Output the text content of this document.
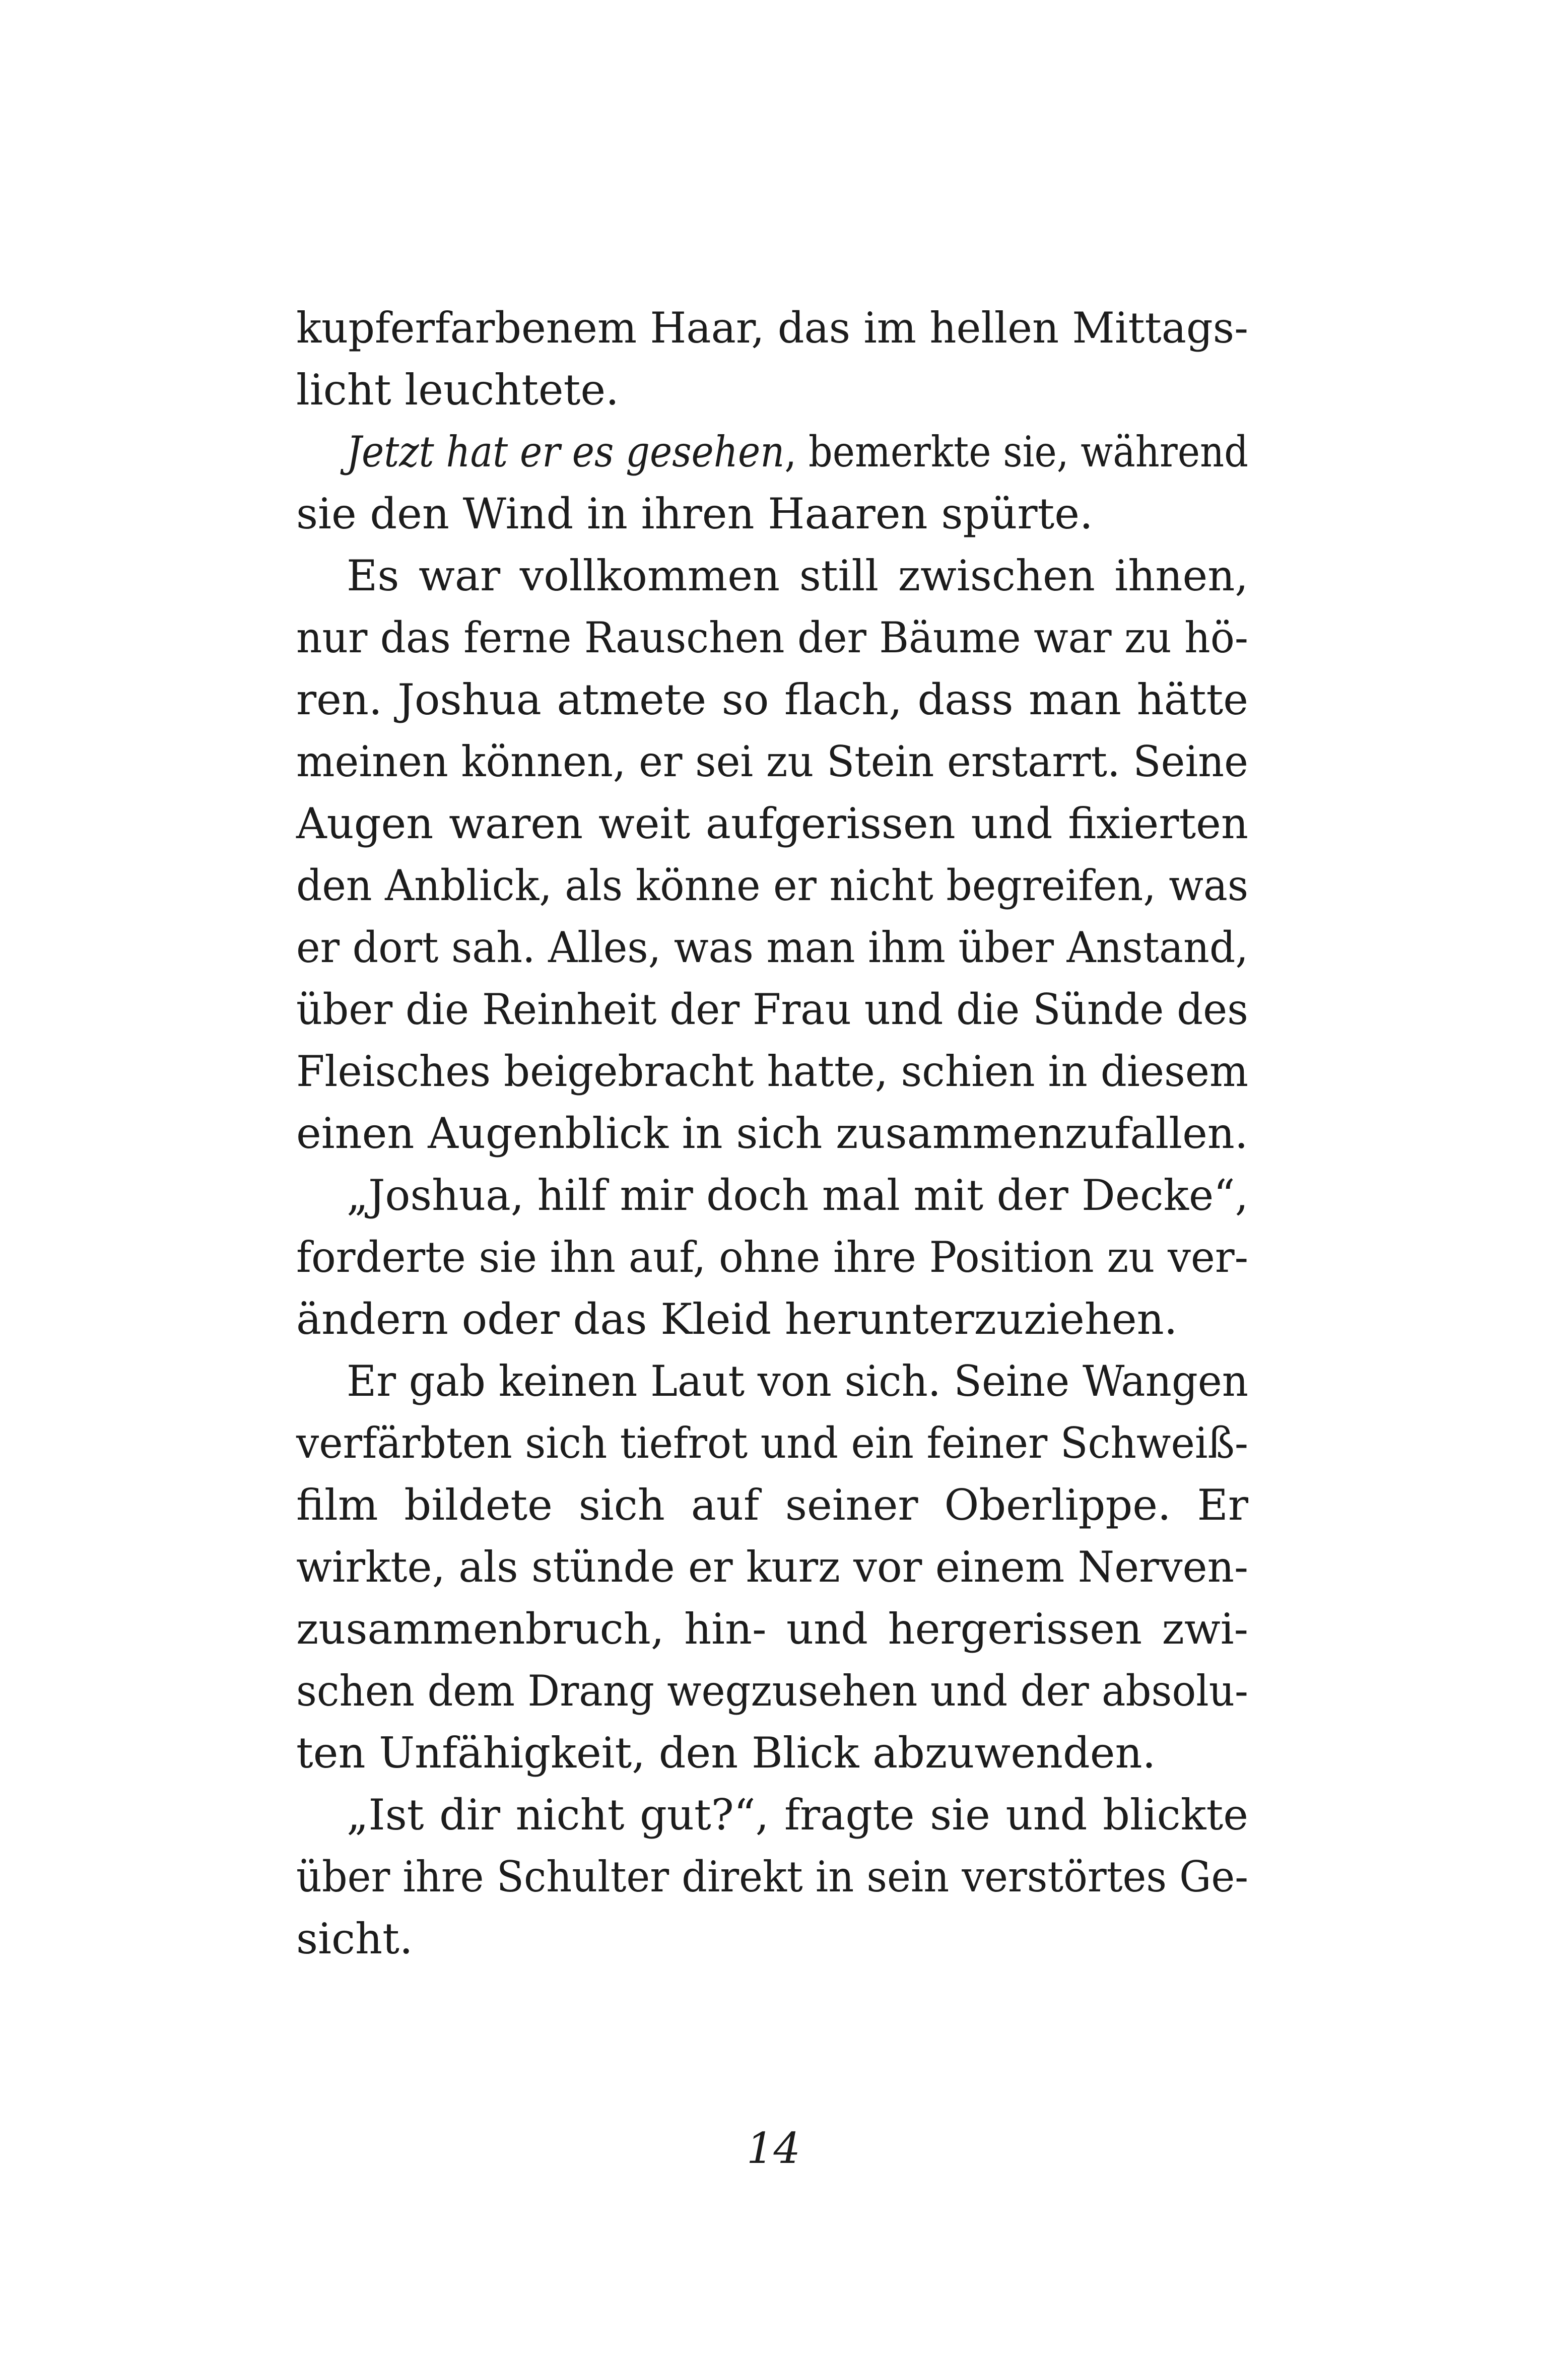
kupferfarbenem Haar, das im hellen Mittags-
licht leuchtete.
Jetzt hat er es gesehen, bemerkte sie, während
sie den Wind in ihren Haaren spürte.
Es war vollkommen still zwischen ihnen,
nur das ferne Rauschen der Bäume war zu hö-
ren. Joshua atmete so flach, dass man hätte
meinen können, er sei zu Stein erstarrt. Seine
Augen waren weit aufgerissen und fixierten
den Anblick, als könne er nicht begreifen, was
er dort sah. Alles, was man ihm über Anstand,
über die Reinheit der Frau und die Sünde des
Fleisches beigebracht hatte, schien in diesem
einen Augenblick in sich zusammenzufallen.
„Joshua, hilf mir doch mal mit der Decke“,
forderte sie ihn auf, ohne ihre Position zu ver-
ändern oder das Kleid herunterzuziehen.
Er gab keinen Laut von sich. Seine Wangen
verfärbten sich tiefrot und ein feiner Schweiß-
film bildete sich auf seiner Oberlippe. Er
wirkte, als stünde er kurz vor einem Nerven-
zusammenbruch, hin- und hergerissen zwi-
schen dem Drang wegzusehen und der absolu-
ten Unfähigkeit, den Blick abzuwenden.
„Ist dir nicht gut?“, fragte sie und blickte
über ihre Schulter direkt in sein verstörtes Ge-
sicht.
14
